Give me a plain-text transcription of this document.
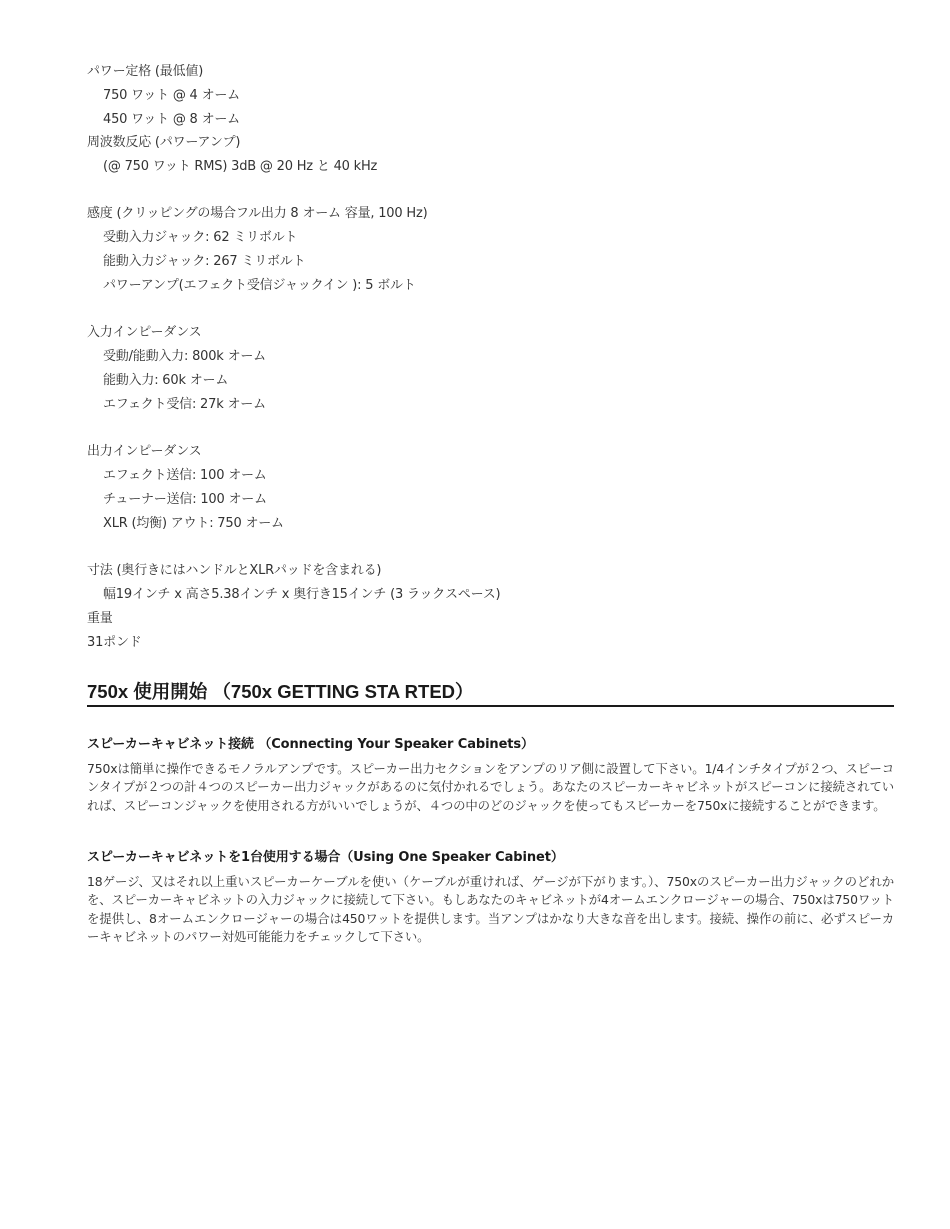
パワー定格 (最低値)
750 ワット @ 4 オーム
450 ワット @ 8 オーム
周波数反応 (パワーアンプ)
(@ 750 ワット RMS) 3dB @ 20 Hz と 40 kHz
感度 (クリッピングの場合フル出力 8 オーム 容量, 100 Hz)
受動入力ジャック: 62 ミリボルト
能動入力ジャック: 267 ミリボルト
パワーアンプ(エフェクト受信ジャックイン ): 5 ボルト
入力インピーダンス
受動/能動入力: 800k オーム
能動入力: 60k オーム
エフェクト受信: 27k オーム
出力インピーダンス
エフェクト送信: 100 オーム
チューナー送信: 100 オーム
XLR (均衡) アウト: 750 オーム
寸法 (奥行きにはハンドルとXLRパッドを含まれる)
幅19インチ x 高さ5.38インチ x 奥行き15インチ (3 ラックスペース)
重量
31ポンド
750x 使用開始 （750x GETTING STA RTED）
スピーカーキャビネット接続 （Connecting Your Speaker Cabinets）
750xは簡単に操作できるモノラルアンプです。スピーカー出力セクションをアンプのリア側に設置して下さい。1/4インチタイプが２つ、スピーコンタイプが２つの計４つのスピーカー出力ジャックがあるのに気付かれるでしょう。あなたのスピーカーキャビネットがスピーコンに接続されていれば、スピーコンジャックを使用される方がいいでしょうが、４つの中のどのジャックを使ってもスピーカーを750xに接続することができます。
スピーカーキャビネットを1台使用する場合（Using One Speaker Cabinet）
18ゲージ、又はそれ以上重いスピーカーケーブルを使い（ケーブルが重ければ、ゲージが下がります。）、750xのスピーカー出力ジャックのどれかを、スピーカーキャビネットの入力ジャックに接続して下さい。もしあなたのキャビネットが4オームエンクロージャーの場合、750xは750ワットを提供し、8オームエンクロージャーの場合は450ワットを提供します。当アンプはかなり大きな音を出します。接続、操作の前に、必ずスピーカーキャビネットのパワー対処可能能力をチェックして下さい。
